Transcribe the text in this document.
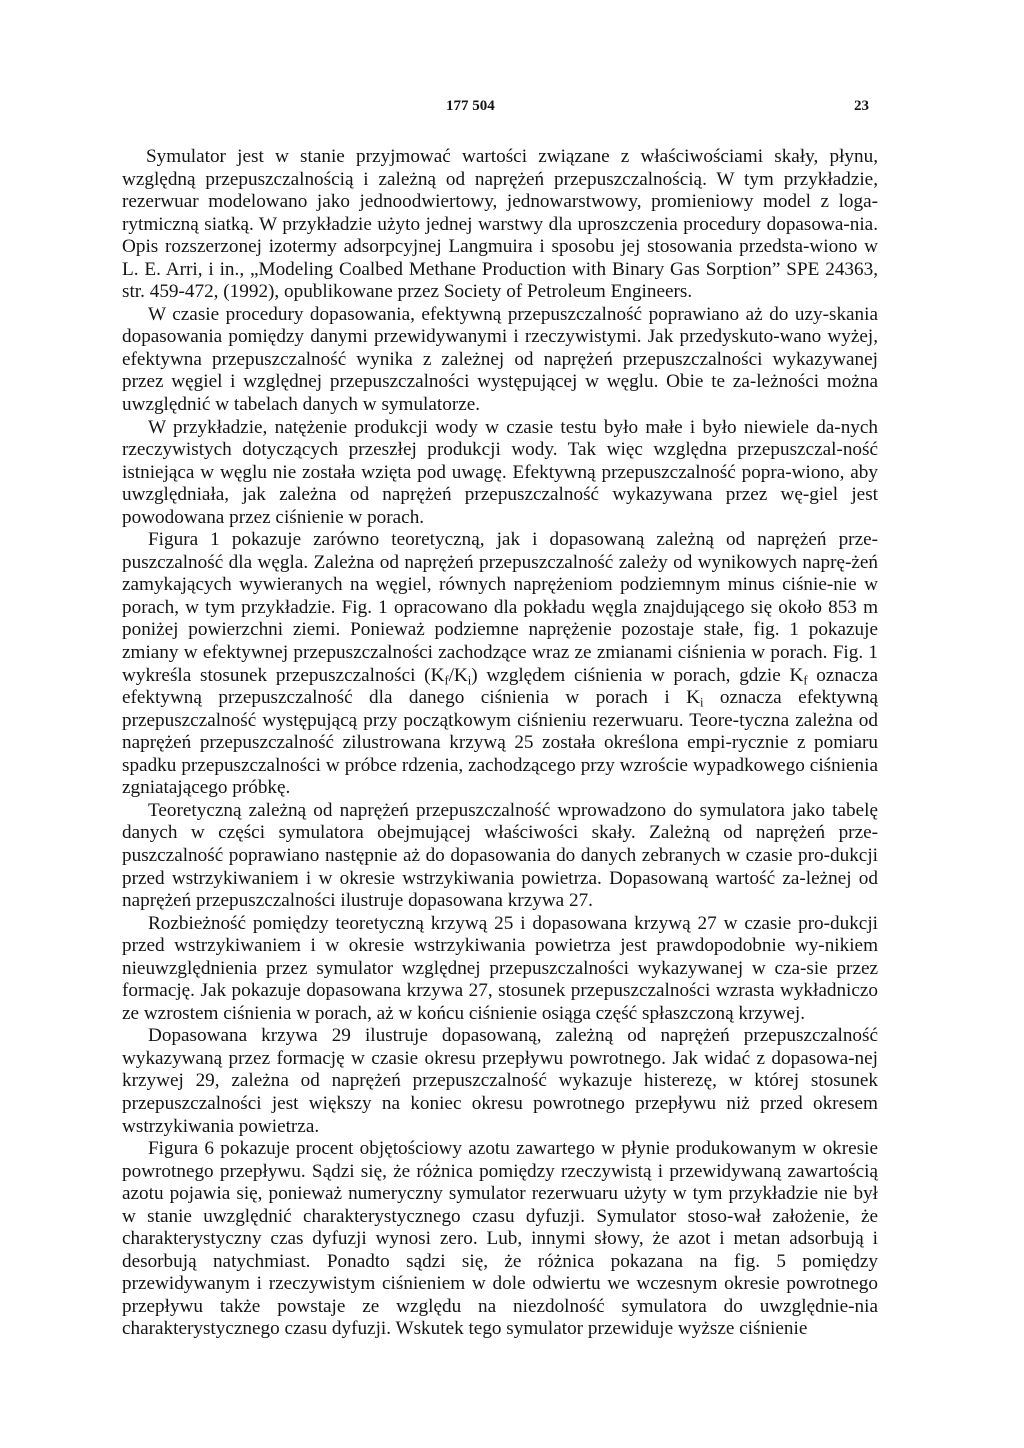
177 504	23

Symulator jest w stanie przyjmować wartości związane z właściwościami skały, płynu, względną przepuszczalnością i zależną od naprężeń przepuszczalnością. W tym przykładzie, rezerwuar modelowano jako jednoodwiertowy, jednowarstwowy, promieniowy model z loga-rytmiczną siatką. W przykładzie użyto jednej warstwy dla uproszczenia procedury dopasowa-nia. Opis rozszerzonej izotermy adsorpcyjnej Langmuira i sposobu jej stosowania przedsta-wiono w L. E. Arri, i in., „Modeling Coalbed Methane Production with Binary Gas Sorption” SPE 24363, str. 459-472, (1992), opublikowane przez Society of Petroleum Engineers.

W czasie procedury dopasowania, efektywną przepuszczalność poprawiano aż do uzy-skania dopasowania pomiędzy danymi przewidywanymi i rzeczywistymi. Jak przedyskuto-wano wyżej, efektywna przepuszczalność wynika z zależnej od naprężeń przepuszczalności wykazywanej przez węgiel i względnej przepuszczalności występującej w węglu. Obie te za-leżności można uwzględnić w tabelach danych w symulatorze.

W przykładzie, natężenie produkcji wody w czasie testu było małe i było niewiele da-nych rzeczywistych dotyczących przeszłej produkcji wody. Tak więc względna przepuszczal-ność istniejąca w węglu nie została wzięta pod uwagę. Efektywną przepuszczalność popra-wiono, aby uwzględniała, jak zależna od naprężeń przepuszczalność wykazywana przez wę-giel jest powodowana przez ciśnienie w porach.

Figura 1 pokazuje zarówno teoretyczną, jak i dopasowaną zależną od naprężeń prze-puszczalność dla węgla. Zależna od naprężeń przepuszczalność zależy od wynikowych naprę-żeń zamykających wywieranych na węgiel, równych naprężeniom podziemnym minus ciśnie-nie w porach, w tym przykładzie. Fig. 1 opracowano dla pokładu węgla znajdującego się około 853 m poniżej powierzchni ziemi. Ponieważ podziemne naprężenie pozostaje stałe, fig. 1 pokazuje zmiany w efektywnej przepuszczalności zachodzące wraz ze zmianami ciśnienia w porach. Fig. 1 wykreśla stosunek przepuszczalności $(K_f/K_i)$ względem ciśnienia w porach, gdzie $K_f$ oznacza efektywną przepuszczalność dla danego ciśnienia w porach i $K_i$ oznacza efektywną przepuszczalność występującą przy początkowym ciśnieniu rezerwuaru. Teore-tyczna zależna od naprężeń przepuszczalność zilustrowana krzywą 25 została określona empi-rycznie z pomiaru spadku przepuszczalności w próbce rdzenia, zachodzącego przy wzroście wypadkowego ciśnienia zgniatającego próbkę.

Teoretyczną zależną od naprężeń przepuszczalność wprowadzono do symulatora jako tabelę danych w części symulatora obejmującej właściwości skały. Zależną od naprężeń prze-puszczalność poprawiano następnie aż do dopasowania do danych zebranych w czasie pro-dukcji przed wstrzykiwaniem i w okresie wstrzykiwania powietrza. Dopasowaną wartość za-leżnej od naprężeń przepuszczalności ilustruje dopasowana krzywa 27.

Rozbieżność pomiędzy teoretyczną krzywą 25 i dopasowana krzywą 27 w czasie pro-dukcji przed wstrzykiwaniem i w okresie wstrzykiwania powietrza jest prawdopodobnie wy-nikiem nieuwzględnienia przez symulator względnej przepuszczalności wykazywanej w cza-sie przez formację. Jak pokazuje dopasowana krzywa 27, stosunek przepuszczalności wzrasta wykładniczo ze wzrostem ciśnienia w porach, aż w końcu ciśnienie osiąga część spłaszczoną krzywej.

Dopasowana krzywa 29 ilustruje dopasowaną, zależną od naprężeń przepuszczalność wykazywaną przez formację w czasie okresu przepływu powrotnego. Jak widać z dopasowa-nej krzywej 29, zależna od naprężeń przepuszczalność wykazuje histerezę, w której stosunek przepuszczalności jest większy na koniec okresu powrotnego przepływu niż przed okresem wstrzykiwania powietrza.

Figura 6 pokazuje procent objętościowy azotu zawartego w płynie produkowanym w okresie powrotnego przepływu. Sądzi się, że różnica pomiędzy rzeczywistą i przewidywaną zawartością azotu pojawia się, ponieważ numeryczny symulator rezerwuaru użyty w tym przykładzie nie był w stanie uwzględnić charakterystycznego czasu dyfuzji. Symulator stoso-wał założenie, że charakterystyczny czas dyfuzji wynosi zero. Lub, innymi słowy, że azot i metan adsorbują i desorbują natychmiast. Ponadto sądzi się, że różnica pokazana na fig. 5 pomiędzy przewidywanym i rzeczywistym ciśnieniem w dole odwiertu we wczesnym okresie powrotnego przepływu także powstaje ze względu na niezdolność symulatora do uwzględnie-nia charakterystycznego czasu dyfuzji. Wskutek tego symulator przewiduje wyższe ciśnienie
